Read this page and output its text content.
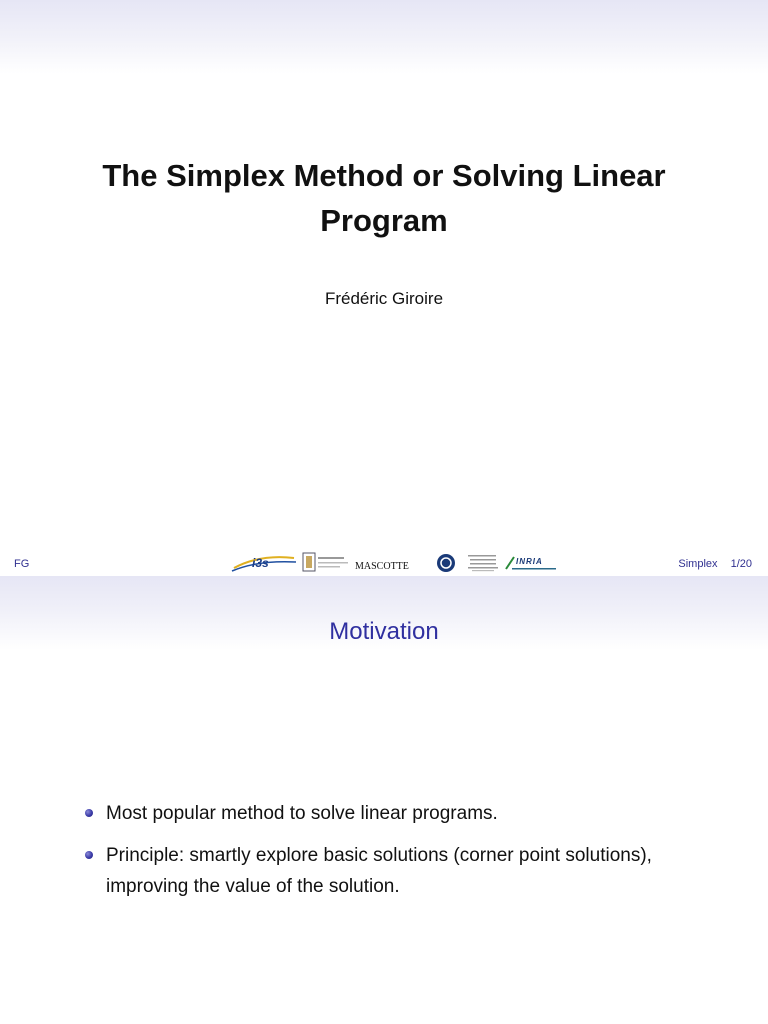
The Simplex Method or Solving Linear Program
Frédéric Giroire
FG	i3s	MASCOTTE	INRIA	Simplex 1/20
Motivation
Most popular method to solve linear programs.
Principle: smartly explore basic solutions (corner point solutions), improving the value of the solution.
